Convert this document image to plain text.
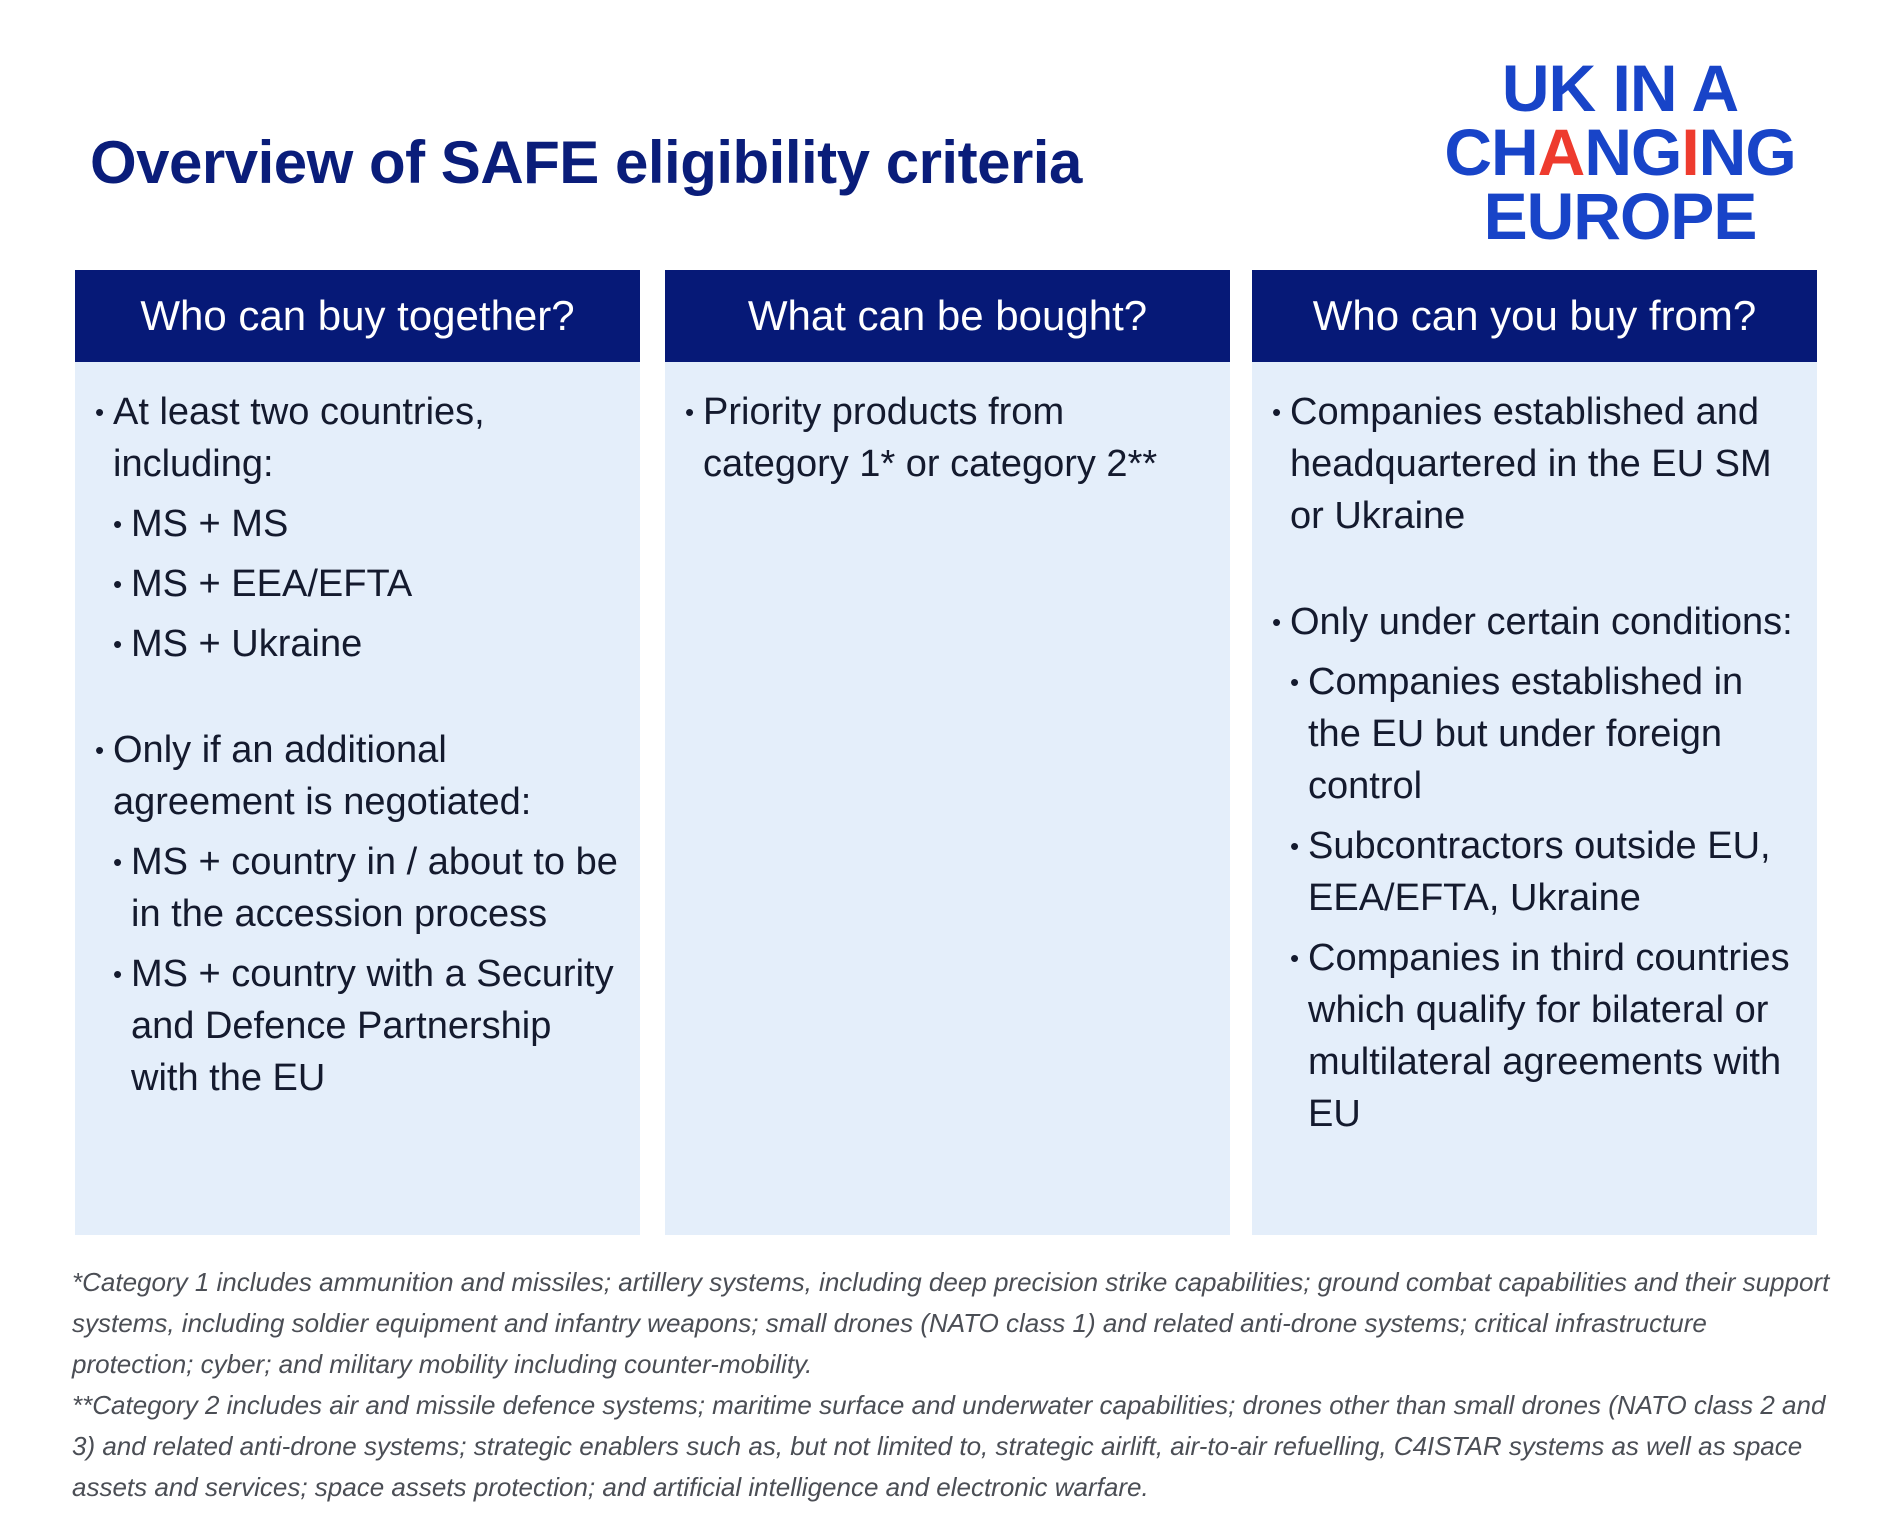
Overview of SAFE eligibility criteria
UK IN A
CHANGING
EUROPE
Who can buy together?
• At least two countries, including:
• MS + MS
• MS + EEA/EFTA
• MS + Ukraine
• Only if an additional agreement is negotiated:
• MS + country in / about to be in the accession process
• MS + country with a Security and Defence Partnership with the EU
What can be bought?
• Priority products from category 1* or category 2**
Who can you buy from?
• Companies established and headquartered in the EU SM or Ukraine
• Only under certain conditions:
• Companies established in the EU but under foreign control
• Subcontractors outside EU, EEA/EFTA, Ukraine
• Companies in third countries which qualify for bilateral or multilateral agreements with EU

*Category 1 includes ammunition and missiles; artillery systems, including deep precision strike capabilities; ground combat capabilities and their support systems, including soldier equipment and infantry weapons; small drones (NATO class 1) and related anti-drone systems; critical infrastructure protection; cyber; and military mobility including counter-mobility.

**Category 2 includes air and missile defence systems; maritime surface and underwater capabilities; drones other than small drones (NATO class 2 and 3) and related anti-drone systems; strategic enablers such as, but not limited to, strategic airlift, air-to-air refuelling, C4ISTAR systems as well as space assets and services; space assets protection; and artificial intelligence and electronic warfare.
